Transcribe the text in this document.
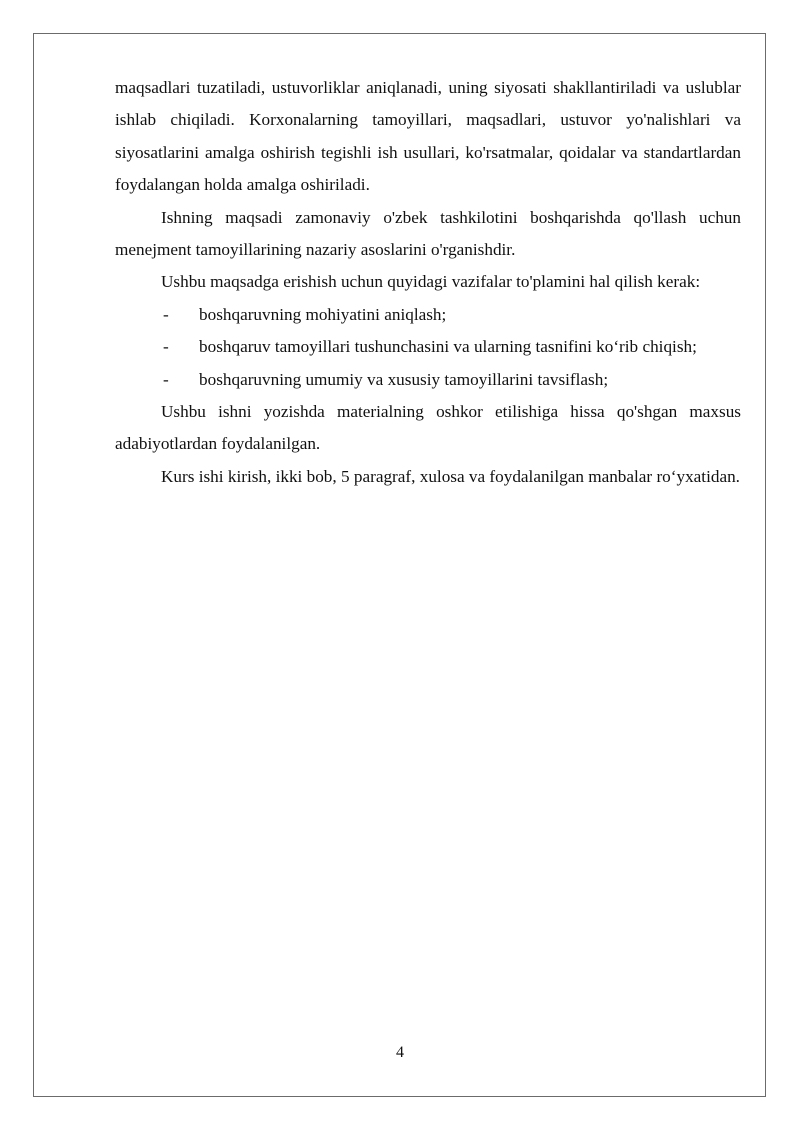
maqsadlari tuzatiladi, ustuvorliklar aniqlanadi, uning siyosati shakllantiriladi va uslublar ishlab chiqiladi. Korxonalarning tamoyillari, maqsadlari, ustuvor yo'nalishlari va siyosatlarini amalga oshirish tegishli ish usullari, ko'rsatmalar, qoidalar va standartlardan foydalangan holda amalga oshiriladi.

Ishning maqsadi zamonaviy o'zbek tashkilotini boshqarishda qo'llash uchun menejment tamoyillarining nazariy asoslarini o'rganishdir.

Ushbu maqsadga erishish uchun quyidagi vazifalar to'plamini hal qilish kerak:

- boshqaruvning mohiyatini aniqlash;
- boshqaruv tamoyillari tushunchasini va ularning tasnifini ko‘rib chiqish;
- boshqaruvning umumiy va xususiy tamoyillarini tavsiflash;

Ushbu ishni yozishda materialning oshkor etilishiga hissa qo'shgan maxsus adabiyotlardan foydalanilgan.

Kurs ishi kirish, ikki bob, 5 paragraf, xulosa va foydalanilgan manbalar ro‘yxatidan.

4
